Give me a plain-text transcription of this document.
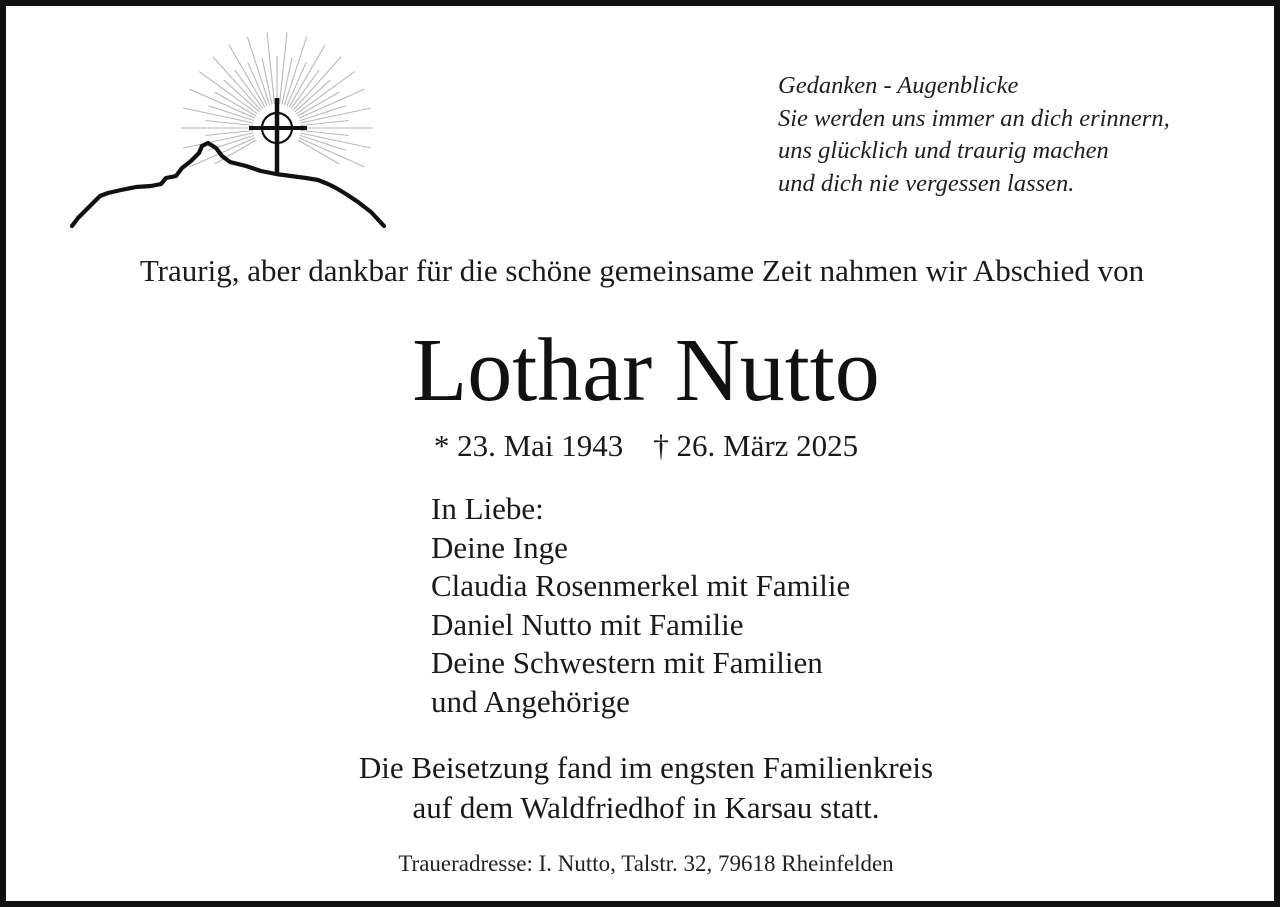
Gedanken - Augenblicke
Sie werden uns immer an dich erinnern,
uns glücklich und traurig machen
und dich nie vergessen lassen.
Traurig, aber dankbar für die schöne gemeinsame Zeit nahmen wir Abschied von
Lothar Nutto
* 23. Mai 1943 † 26. März 2025
In Liebe:
Deine Inge
Claudia Rosenmerkel mit Familie
Daniel Nutto mit Familie
Deine Schwestern mit Familien
und Angehörige
Die Beisetzung fand im engsten Familienkreis
auf dem Waldfriedhof in Karsau statt.
Traueradresse: I. Nutto, Talstr. 32, 79618 Rheinfelden
